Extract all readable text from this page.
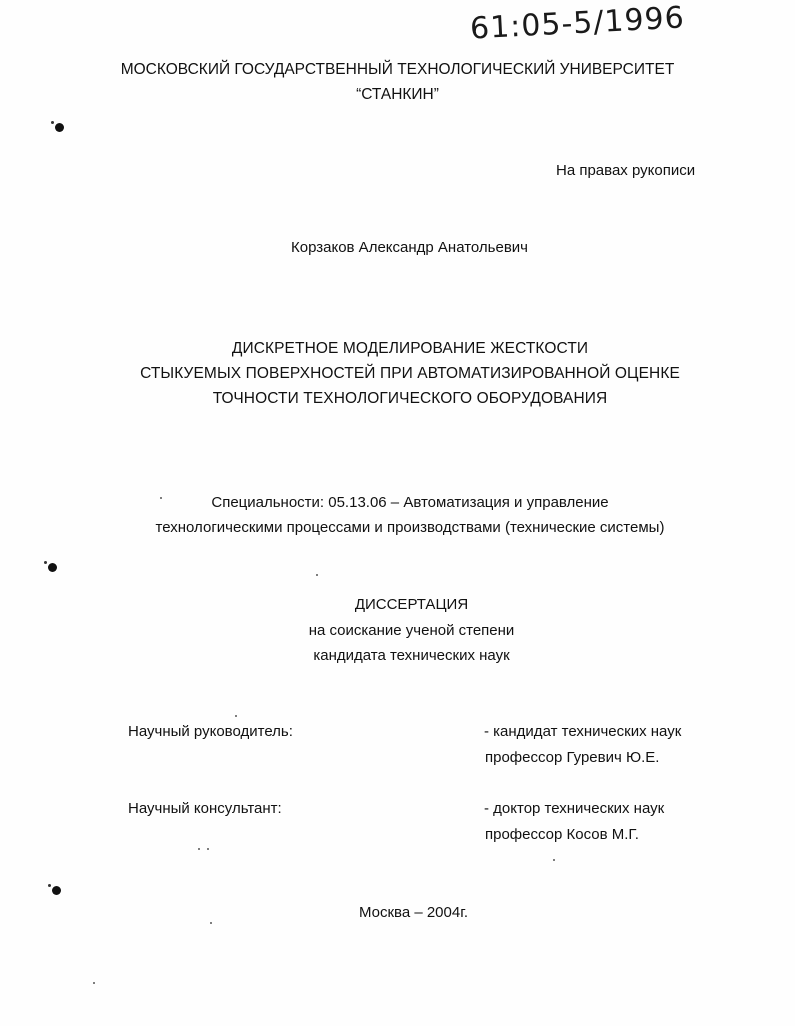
61:05-5/1996
МОСКОВСКИЙ ГОСУДАРСТВЕННЫЙ ТЕХНОЛОГИЧЕСКИЙ УНИВЕРСИТЕТ
“СТАНКИН”
На правах рукописи
Корзаков Александр Анатольевич
ДИСКРЕТНОЕ МОДЕЛИРОВАНИЕ ЖЕСТКОСТИ
СТЫКУЕМЫХ ПОВЕРХНОСТЕЙ ПРИ АВТОМАТИЗИРОВАННОЙ ОЦЕНКЕ
ТОЧНОСТИ ТЕХНОЛОГИЧЕСКОГО ОБОРУДОВАНИЯ
Специальности: 05.13.06 – Автоматизация и управление
технологическими процессами и производствами (технические системы)
ДИССЕРТАЦИЯ
на соискание ученой степени
кандидата технических наук
Научный руководитель:	- кандидат технических наук
профессор Гуревич Ю.Е.
Научный консультант:	- доктор технических наук
профессор Косов М.Г.
Москва – 2004г.
